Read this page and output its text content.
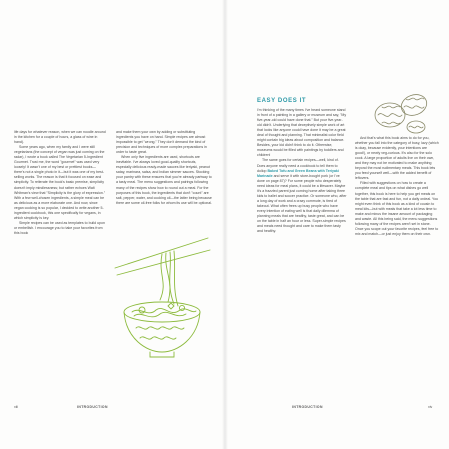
life days for whatever reason, when we can noodle around in the kitchen for a couple of hours, a glass of wine in hand).

Some years ago, when my family and I were still vegetarians (the concept of vegan was just coming on the radar), I wrote a book called The Vegetarian 5-Ingredient Gourmet. Trust me, the word "gourmet" was used very loosely! It wasn't one of my best or prettiest books—there's not a single photo in it—but it was one of my best-selling works. The reason is that it focused on ease and simplicity. To reiterate the book's basic premise, simplicity doesn't imply mindlessness; but rather echoes Walt Whitman's view that "Simplicity is the glory of expression." With a few well-chosen ingredients, a simple meal can be as delicious as a more elaborate one. And now, since vegan cooking is so popular, I decided to write another 5-ingredient cookbook, this one specifically for vegans, in which simplicity is key.

Simple recipes can be used as templates to build upon or embellish. I encourage you to take your favorites from this book

and make them your own by adding or substituting ingredients you have on hand. Simple recipes are almost impossible to get "wrong." They don't demand the kind of precision and techniques of more complex preparations in order to taste great.

When only five ingredients are used, shortcuts are inevitable. I've always loved good-quality shortcuts, especially delicious ready-made sauces like teriyaki, peanut satay, marinara, salsa, and Indian simmer sauces. Stocking your pantry with these ensures that you're already partway to a tasty meal. The menu suggestions and pairings following many of the recipes show how to round out a meal. For the purposes of this book, the ingredients that don't "count" are salt, pepper, water, and cooking oil—the latter being because there are some oil-free folks for whom its use will be optional.

INTRODUCTION
xiii
EASY DOES IT

I'm thinking of the many times I've heard someone stand in front of a painting in a gallery or museum and say, "My five-year-old could have done that." But your five-year-old didn't. Underlying that deceptively simple work of art that looks like anyone could have done it may be a great deal of thought and planning. That minimalist color field might contain big ideas about composition and balance. Besides, your kid didn't think to do it. Otherwise, museums would be filled with paintings by toddlers and children!

The same goes for certain recipes—well, kind of. Does anyone really need a cookbook to tell them to dollop Baked Tofu and Green Beans with Teriyaki Marinade and serve it with store-bought pork (or I've done on page 87)? For some people who desperately need ideas for meal plans, it could be a lifesaver. Maybe it's a frazzled parent just coming home after taking three kids to ballet and soccer practice. Or someone who, after a long day of work and a crazy commute, is tired of takeout. What often frees up busy people who have every intention of eating well is that daily dilemma of planning meals that are healthy, taste great, and can be on the table in half an hour or less. Super-simple recipes and meals need thought and care to make them tasty and healthy.

And that's what this book aims to do for you, whether you fall into the category of busy, lazy (which is okay, because evidently, your intentions are good!), or newly veg-curious. It's also for the solo cook. A large proportion of adults live on their own, and they may not be motivated to make anything beyond the most rudimentary meals. This book lets you feed yourself well—with the added benefit of leftovers.

Filled with suggestions on how to create a complete meal and tips on what dishes go well together, this book is here to help you get meals on the table that are fast and fun, not a daily ordeal. You might even think of this book as a kind of cousin to meal kits—but with meals that take a lot less time to make and minus the insane amount of packaging and waste. All this being said, the menu suggestions following many of the recipes aren't set in stone. Once you scope out your favorite recipes, feel free to mix and match—or just enjoy them on their own.

INTRODUCTION	xiv
